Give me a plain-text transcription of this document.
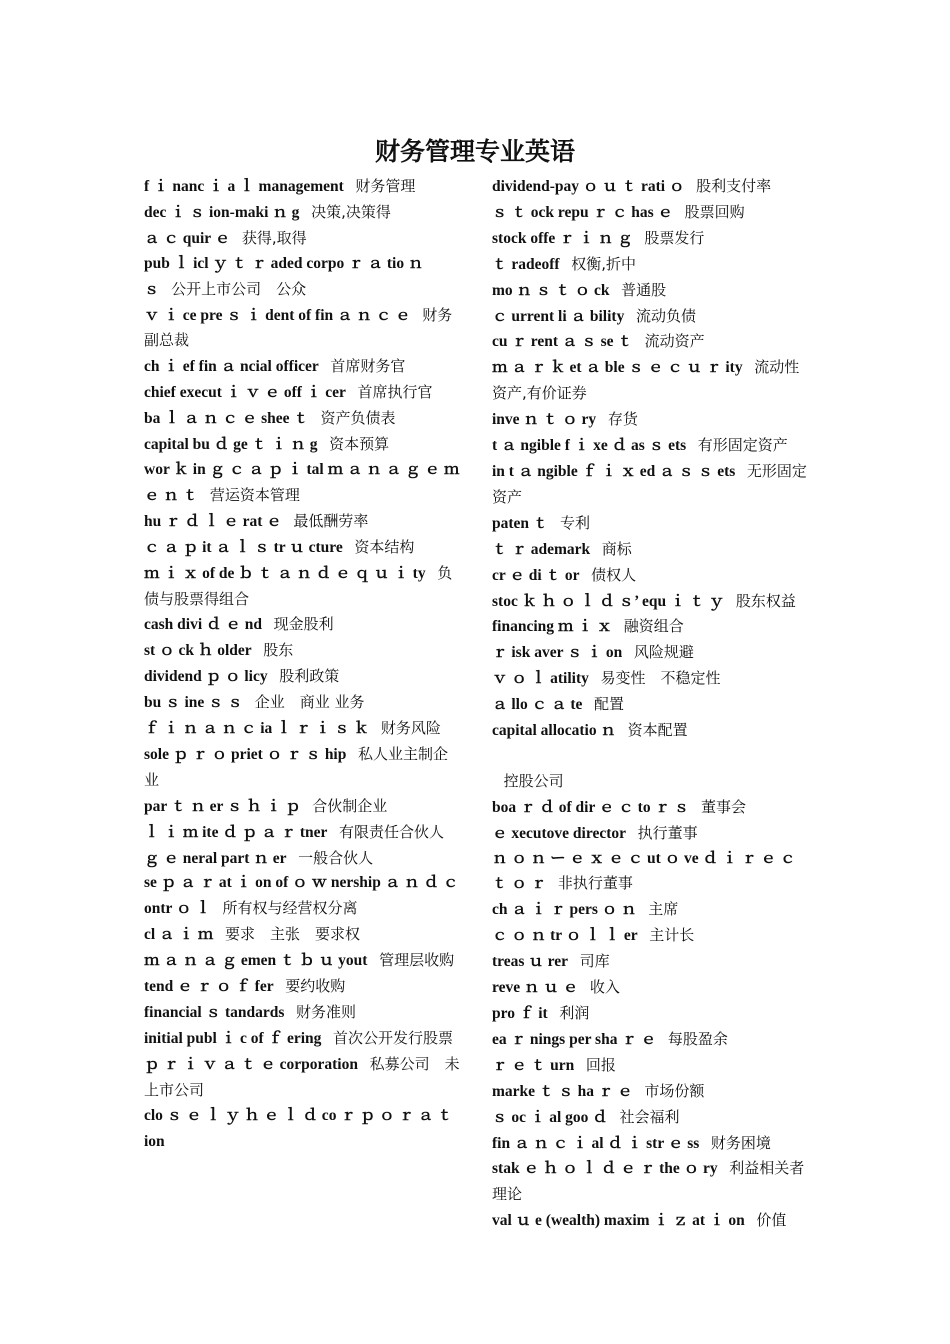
财务管理专业英语
f ｉ nanc ｉ a ｌ management 财务管理
dec ｉ ｓ ion-maki ｎ g 决策,决策得
ａ ｃ quir ｅ 获得,取得
pub ｌ icl ｙ ｔ ｒ aded corpo ｒ ａ tio ｎ ｓ 公开上市公司　公众
ｖ ｉ ce pre ｓ ｉ dent of fin ａ ｎ ｃ ｅ 财务副总裁
ch ｉ ef fin ａ ncial officer 首席财务官
chief execut ｉ ｖ ｅ off ｉ cer 首席执行官
ba ｌ ａ ｎ ｃ ｅ shee ｔ 资产负债表
capital bu ｄ ge ｔ ｉ ｎ g 资本预算
wor ｋ in ｇ ｃ ａ ｐ ｉ tal ｍ ａ ｎ ａ ｇ ｅ ｍ ｅ ｎ ｔ 营运资本管理
hu ｒ ｄ ｌ ｅ rat ｅ 最低酬劳率
ｃ ａ ｐ it ａ ｌ ｓ tr ｕ cture 资本结构
ｍ ｉ ｘ of de ｂ ｔ ａ ｎ ｄ ｅ ｑ ｕ ｉ ty 负债与股票得组合
cash divi ｄ ｅ nd 现金股利
st ｏ ck ｈ older 股东
dividend ｐ ｏ licy 股利政策
bu ｓ ine ｓ ｓ 企业　商业 业务
ｆ ｉ ｎ ａ ｎ ｃ ia ｌ ｒ ｉ ｓ ｋ 财务风险
sole ｐ ｒ ｏ priet ｏ ｒ ｓ hip 私人业主制企业
par ｔ ｎ er ｓ ｈ ｉ ｐ 合伙制企业
ｌ ｉ ｍ ite ｄ ｐ ａ ｒ tner 有限责任合伙人
ｇ ｅ neral part ｎ er 一般合伙人
se ｐ ａ ｒ at ｉ on of ｏ ｗ nership ａ ｎ ｄ ｃ ontr ｏ ｌ 所有权与经营权分离
cl ａ ｉ ｍ 要求　主张　要求权
ｍ ａ ｎ ａ ｇ emen ｔ ｂ ｕ yout 管理层收购
tend ｅ ｒ ｏ ｆ fer 要约收购
financial ｓ tandards 财务准则
initial publ ｉ c of ｆ ering 首次公开发行股票
ｐ ｒ ｉ ｖ ａ ｔ ｅ corporation 私募公司　未上市公司
clo ｓ ｅ ｌ ｙ ｈ ｅ ｌ ｄ co ｒ ｐ ｏ ｒ ａ ｔ ion
dividend-pay ｏ ｕ ｔ rati ｏ 股利支付率
ｓ ｔ ock repu ｒ ｃ has ｅ 股票回购
stock offe ｒ ｉ ｎ ｇ 股票发行
ｔ radeoff 权衡,折中
mo ｎ ｓ ｔ ｏ ck 普通股
ｃ urrent li ａ bility 流动负债
cu ｒ rent ａ ｓ se ｔ 流动资产
ｍ ａ ｒ ｋ et ａ ble ｓ ｅ ｃ ｕ ｒ ity 流动性资产,有价证券
inve ｎ ｔ ｏ ry 存货
t ａ ngible f ｉ xe ｄ as ｓ ets 有形固定资产
in t ａ ngible ｆ ｉ ｘ ed ａ ｓ ｓ ets 无形固定资产
paten ｔ 专利
ｔ ｒ ademark 商标
cr ｅ di ｔ or 债权人
stoc ｋ ｈ ｏ ｌ ｄ ｓ’ equ ｉ ｔ ｙ 股东权益
financing ｍ ｉ ｘ 融资组合
ｒ isk aver ｓ ｉ on 风险规避
ｖ ｏ ｌ atility 易变性　不稳定性
ａ llo ｃ ａ te 配置
capital allocatio ｎ 资本配置

控股公司
boa ｒ ｄ of dir ｅ ｃ to ｒ ｓ 董事会
ｅ xecutove director 执行董事
ｎ ｏ ｎ ー ｅ ｘ ｅ ｃ ut ｏ ve ｄ ｉ ｒ ｅ ｃ ｔ ｏ ｒ 非执行董事
ch ａ ｉ ｒ pers ｏ ｎ 主席
ｃ ｏ ｎ tr ｏ ｌ ｌ er 主计长
treas ｕ rer 司库
reve ｎ ｕ ｅ 收入
pro ｆ it 利润
ea ｒ nings per sha ｒ ｅ 每股盈余
ｒ ｅ ｔ urn 回报
marke ｔ ｓ ha ｒ ｅ 市场份额
ｓ oc ｉ al goo ｄ 社会福利
fin ａ ｎ ｃ ｉ al ｄ ｉ str ｅ ss 财务困境
stak ｅ ｈ ｏ ｌ ｄ ｅ ｒ the ｏ ry 利益相关者理论
val ｕ e (wealth) maxim ｉ ｚ at ｉ on 价值
